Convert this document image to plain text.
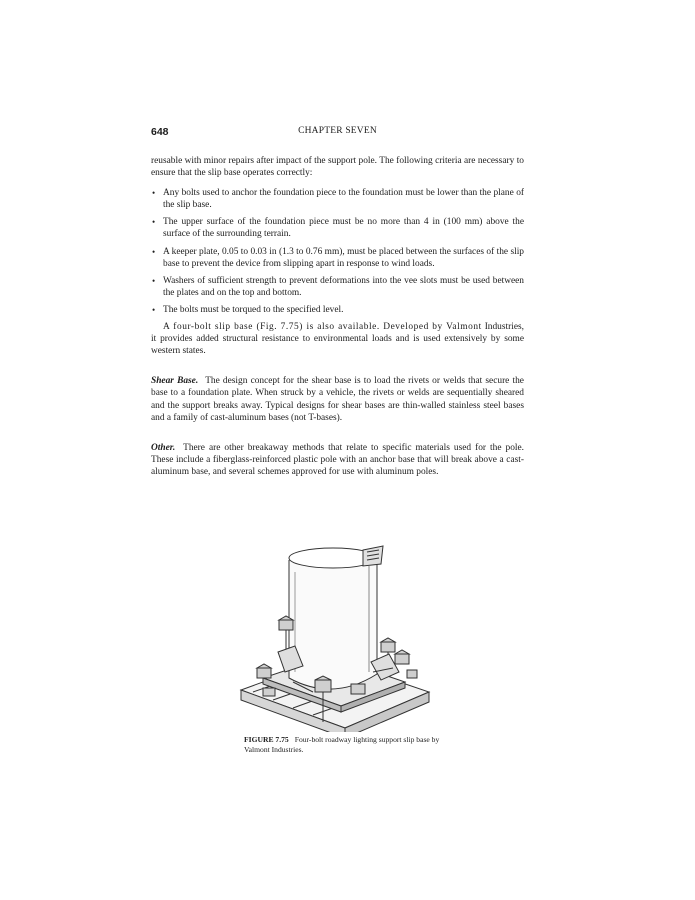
648	CHAPTER SEVEN

reusable with minor repairs after impact of the support pole. The following criteria are necessary to ensure that the slip base operates correctly:

• Any bolts used to anchor the foundation piece to the foundation must be lower than the plane of the slip base.
• The upper surface of the foundation piece must be no more than 4 in (100 mm) above the surface of the surrounding terrain.
• A keeper plate, 0.05 to 0.03 in (1.3 to 0.76 mm), must be placed between the surfaces of the slip base to prevent the device from slipping apart in response to wind loads.
• Washers of sufficient strength to prevent deformations into the vee slots must be used between the plates and on the top and bottom.
• The bolts must be torqued to the specified level.

A four-bolt slip base (Fig. 7.75) is also available. Developed by Valmont Industries, it provides added structural resistance to environmental loads and is used extensively by some western states.

Shear Base. The design concept for the shear base is to load the rivets or welds that secure the base to a foundation plate. When struck by a vehicle, the rivets or welds are sequentially sheared and the support breaks away. Typical designs for shear bases are thin-walled stainless steel bases and a family of cast-aluminum bases (not T-bases).

Other. There are other breakaway methods that relate to specific materials used for the pole. These include a fiberglass-reinforced plastic pole with an anchor base that will break above a cast-aluminum base, and several schemes approved for use with aluminum poles.

FIGURE 7.75 Four-bolt roadway lighting support slip base by Valmont Industries.
